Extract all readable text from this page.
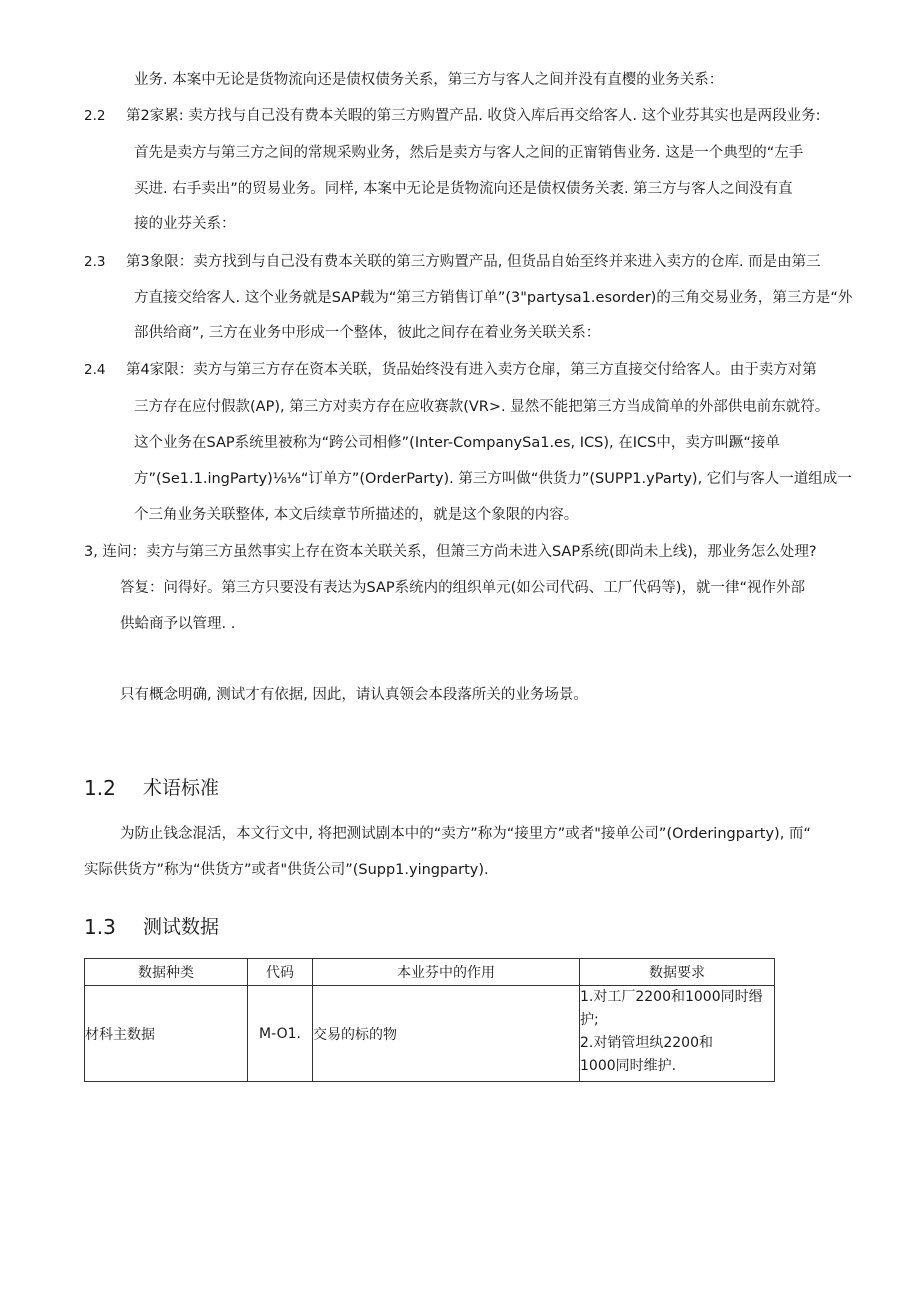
业务. 本案中无论是货物流向还是债权债务关系，第三方与客人之间并没有直樱的业务关系：
2.2 第2家累: 卖方找与自己没有费本关暇的第三方购置产品. 收贷入库后再交给客人. 这个业芬其实也是两段业务:
首先是卖方与第三方之间的常规采购业务，然后是卖方与客人之间的正甯销售业务. 这是一个典型的“左手
买进. 右手卖出”的贸易业务。同样, 本案中无论是货物流向还是债权债务关袤. 第三方与客人之间没有直
接的业芬关系：
2.3 第3象限：卖方找到与自己没有费本关联的第三方购置产品, 但货品自始至终并来进入卖方的仓库. 而是由第三
方直接交给客人. 这个业务就是SAP载为“第三方销售订单”(3"partysa1.esorder)的三角交易业务，第三方是“外
部供给商”, 三方在业务中形成一个整体，彼此之间存在着业务关联关系：
2.4 第4家限：卖方与第三方存在资本关联，货品始终没有进入卖方仓扉，第三方直接交付给客人。由于卖方对第
三方存在应付假款(AP), 第三方对卖方存在应收赛款(VR>. 显然不能把第三方当成简单的外部供电前东就符。
这个业务在SAP系统里被称为“跨公司相修”(Inter-CompanySa1.es, ICS), 在ICS中，卖方叫蹶“接单
方”(Se1.1.ingParty)⅛⅛“订单方”(OrderParty). 第三方叫做“供货力”(SUPP1.yParty), 它们与客人一道组成一
个三角业务关联整体, 本文后续章节所描述的，就是这个象限的内容。
3, 连问：卖方与第三方虽然事实上存在资本关联关系，但箫三方尚未进入SAP系统(即尚未上线)，那业务怎么处理?
答复：问得好。第三方只要没有表达为SAP系统内的组织单元(如公司代码、工厂代码等)，就一律“视作外部
供蛤商予以管理. .
只有概念明确, 测试才有依据, 因此，请认真领会本段落所关的业务场景。
1.2 术语标准
为防止钱念混活，本文行文中, 将把测试剧本中的“卖方”称为“接里方”或者"接单公司”(Orderingparty), 而“
实际供货方”称为“供货方”或者"供货公司”(Supp1.yingparty).
1.3 测试数据
数据种类	代码	本业芬中的作用	数据要求
材科主数据	M-O1.	交易的标的物	1.对工厂2200和1000同时缗
护;
2.对销管坦纨2200和
1000同时维护.
